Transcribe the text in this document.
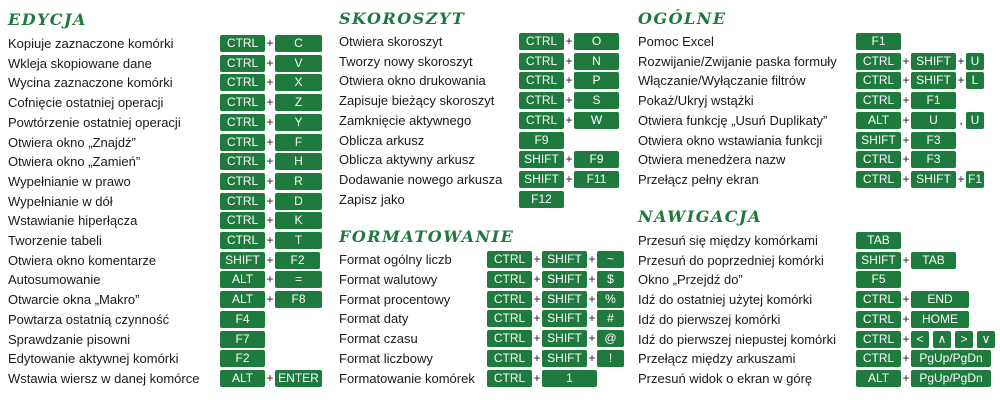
EDYCJA	SKOROSZYT
FORMATOWANIE
OGÓLNE
NAWIGACJA
Kopiuje zaznaczone komórki	CTRL +	C
Wkleja skopiowane dane	CTRL +	V
Wycina zaznaczone komórki	CTRL +	X
Cofnięcie ostatniej operacji	CTRL +	Z
Powtórzenie ostatniej operacji	CTRL +	Y
Otwiera okno „Znajdź”	CTRL +	F
Otwiera okno „Zamień”	CTRL +	H
Wypełnianie w prawo	CTRL +	R
Wypełnianie w dół	CTRL +	D
Wstawianie hiperłącza	CTRL +	K
Tworzenie tabeli	CTRL +	T
Otwiera okno komentarze	SHIFT +	F2
Autosumowanie	ALT	+	=
Otwarcie okna „Makro”	ALT	+	F8
Powtarza ostatnią czynność	F4
Sprawdzanie pisowni	F7
Edytowanie aktywnej komórki	F2
Wstawia wiersz w danej komórce	ALT	+ ENTER
Otwiera skoroszyt	CTRL +	O
Tworzy nowy skoroszyt	CTRL +	N
Otwiera okno drukowania	CTRL +	P
Zapisuje bieżący skoroszyt	CTRL +	S
Zamknięcie aktywnego	CTRL +	W
Oblicza arkusz	F9
Oblicza aktywny arkusz	SHIFT +	F9
Dodawanie nowego arkusza	SHIFT +	F11
Zapisz jako	F12
Format ogólny liczb	CTRL + SHIFT + ~
Format walutowy	CTRL + SHIFT + $
Format procentowy	CTRL + SHIFT + %
Format daty	CTRL + SHIFT + #
Format czasu	CTRL + SHIFT + @
Format liczbowy	CTRL + SHIFT +	!
Formatowanie komórek	CTRL +	1
Pomoc Excel	F1
Rozwijanie/Zwijanie paska formuły	CTRL + SHIFT + U
Włączanie/Wyłączanie filtrów	CTRL + SHIFT + L
Pokaż/Ukryj wstążki	CTRL +	F1
Otwiera funkcję „Usuń Duplikaty”	ALT	+	U	, U
Otwiera okno wstawiania funkcji	SHIFT +	F3
Otwiera menedżera nazw	CTRL +	F3
Przełącz pełny ekran	CTRL + SHIFT + F1
Przesuń się między komórkami	TAB
Przesuń do poprzedniej komórki	SHIFT +	TAB
Okno „Przejdź do”	F5
Idź do ostatniej użytej komórki	CTRL +	END
Idź do pierwszej komórki	CTRL +	HOME
Idź do pierwszej niepustej komórki	CTRL + <	∧	>	∨
Przełącz między arkuszami	CTRL + PgUp/PgDn
Przesuń widok o ekran w górę	ALT	+ PgUp/PgDn
